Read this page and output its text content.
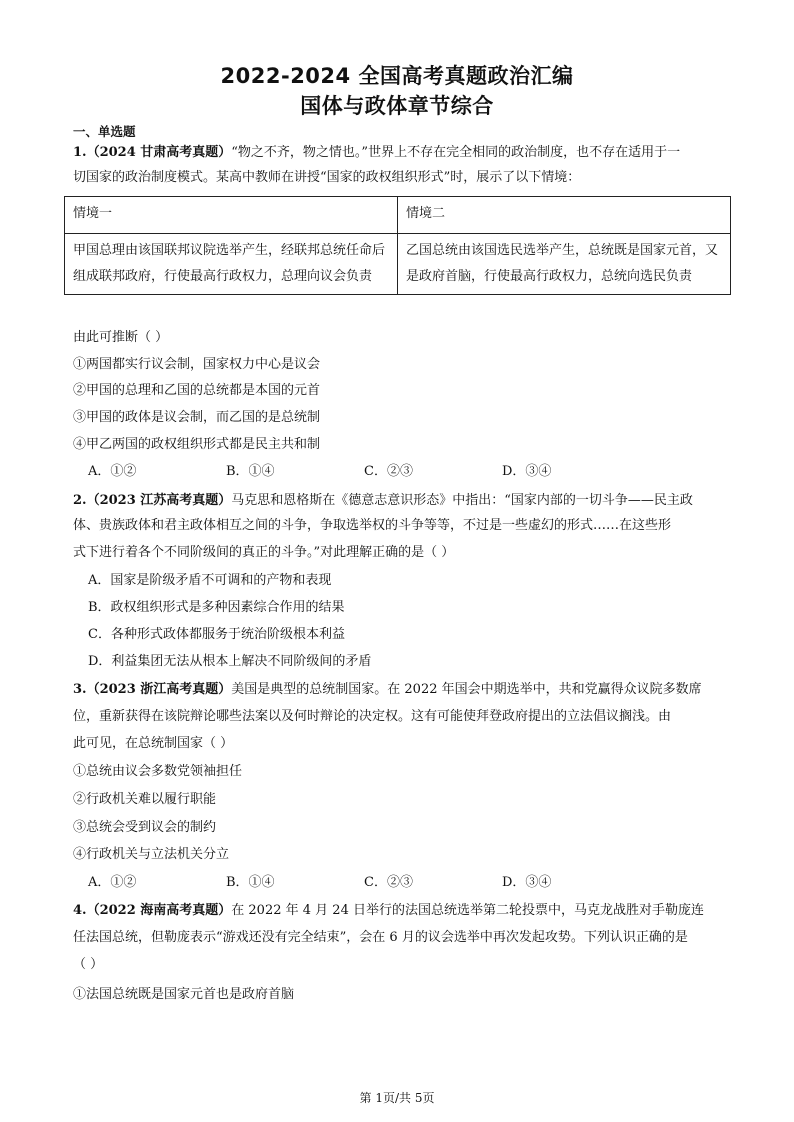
2022-2024 全国高考真题政治汇编
国体与政体章节综合
一、单选题
1.（2024 甘肃高考真题）“物之不齐，物之情也。”世界上不存在完全相同的政治制度，也不存在适用于一
切国家的政治制度模式。某高中教师在讲授“国家的政权组织形式”时，展示了以下情境：
情境一	情境二
甲国总理由该国联邦议院选举产生，经联邦总统任命后组成联邦政府，行使最高行政权力，总理向议会负责	乙国总统由该国选民选举产生，总统既是国家元首，又是政府首脑，行使最高行政权力，总统向选民负责
由此可推断（ ）
①两国都实行议会制，国家权力中心是议会
②甲国的总理和乙国的总统都是本国的元首
③甲国的政体是议会制，而乙国的是总统制
④甲乙两国的政权组织形式都是民主共和制
A．①②	B．①④	C．②③	D．③④
2.（2023 江苏高考真题）马克思和恩格斯在《德意志意识形态》中指出：“国家内部的一切斗争——民主政
体、贵族政体和君主政体相互之间的斗争，争取选举权的斗争等等，不过是一些虚幻的形式……在这些形
式下进行着各个不同阶级间的真正的斗争。”对此理解正确的是（ ）
A．国家是阶级矛盾不可调和的产物和表现
B．政权组织形式是多种因素综合作用的结果
C．各种形式政体都服务于统治阶级根本利益
D．利益集团无法从根本上解决不同阶级间的矛盾
3.（2023 浙江高考真题）美国是典型的总统制国家。在 2022 年国会中期选举中，共和党赢得众议院多数席
位，重新获得在该院辩论哪些法案以及何时辩论的决定权。这有可能使拜登政府提出的立法倡议搁浅。由
此可见，在总统制国家（ ）
①总统由议会多数党领袖担任
②行政机关难以履行职能
③总统会受到议会的制约
④行政机关与立法机关分立
A．①②	B．①④	C．②③	D．③④
4.（2022 海南高考真题）在 2022 年 4 月 24 日举行的法国总统选举第二轮投票中，马克龙战胜对手勒庞连
任法国总统，但勒庞表示“游戏还没有完全结束”，会在 6 月的议会选举中再次发起攻势。下列认识正确的是
（ ）
①法国总统既是国家元首也是政府首脑
第 1页/共 5页
